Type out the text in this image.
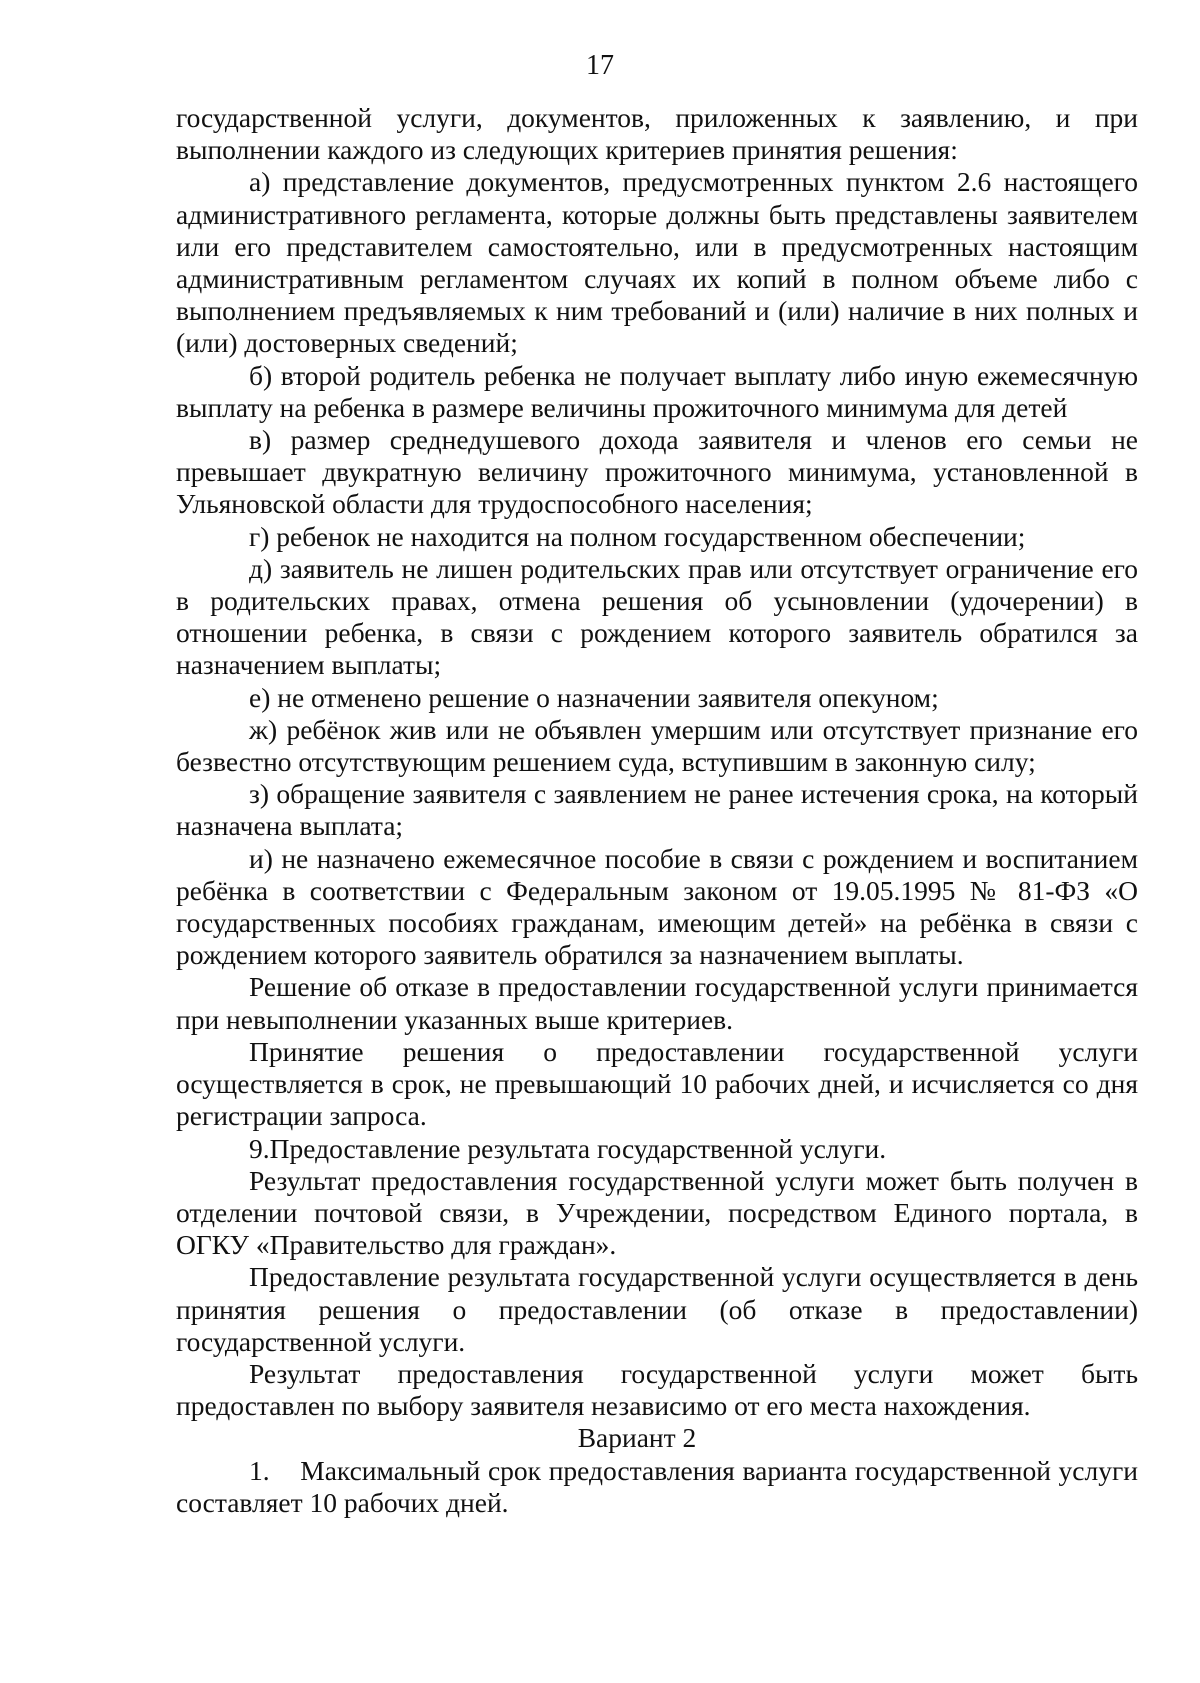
17

государственной услуги, документов, приложенных к заявлению, и при выполнении каждого из следующих критериев принятия решения:

а) представление документов, предусмотренных пунктом 2.6 настоящего административного регламента, которые должны быть представлены заявителем или его представителем самостоятельно, или в предусмотренных настоящим административным регламентом случаях их копий в полном объеме либо с выполнением предъявляемых к ним требований и (или) наличие в них полных и (или) достоверных сведений;

б) второй родитель ребенка не получает выплату либо иную ежемесячную выплату на ребенка в размере величины прожиточного минимума для детей

в) размер среднедушевого дохода заявителя и членов его семьи не превышает двукратную величину прожиточного минимума, установленной в Ульяновской области для трудоспособного населения;

г) ребенок не находится на полном государственном обеспечении;

д) заявитель не лишен родительских прав или отсутствует ограничение его в родительских правах, отмена решения об усыновлении (удочерении) в отношении ребенка, в связи с рождением которого заявитель обратился за назначением выплаты;

е) не отменено решение о назначении заявителя опекуном;

ж) ребёнок жив или не объявлен умершим или отсутствует признание его безвестно отсутствующим решением суда, вступившим в законную силу;

з) обращение заявителя с заявлением не ранее истечения срока, на который назначена выплата;

и) не назначено ежемесячное пособие в связи с рождением и воспитанием ребёнка в соответствии с Федеральным законом от 19.05.1995 № 81-ФЗ «О государственных пособиях гражданам, имеющим детей» на ребёнка в связи с рождением которого заявитель обратился за назначением выплаты.

Решение об отказе в предоставлении государственной услуги принимается при невыполнении указанных выше критериев.

Принятие решения о предоставлении государственной услуги осуществляется в срок, не превышающий 10 рабочих дней, и исчисляется со дня регистрации запроса.

9.Предоставление результата государственной услуги.

Результат предоставления государственной услуги может быть получен в отделении почтовой связи, в Учреждении, посредством Единого портала, в ОГКУ «Правительство для граждан».

Предоставление результата государственной услуги осуществляется в день принятия решения о предоставлении (об отказе в предоставлении) государственной услуги.

Результат предоставления государственной услуги может быть предоставлен по выбору заявителя независимо от его места нахождения.

Вариант 2

1.    Максимальный срок предоставления варианта государственной услуги составляет 10 рабочих дней.
